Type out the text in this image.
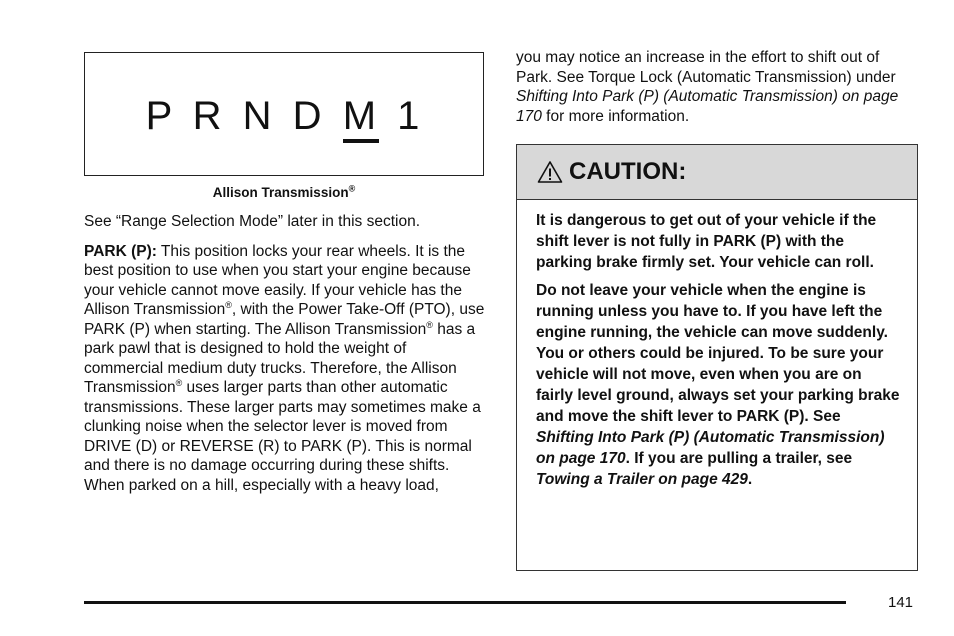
P R N D M 1
Allison Transmission®

See “Range Selection Mode” later in this section.

PARK (P): This position locks your rear wheels. It is the best position to use when you start your engine because your vehicle cannot move easily. If your vehicle has the Allison Transmission®, with the Power Take-Off (PTO), use PARK (P) when starting. The Allison Transmission® has a park pawl that is designed to hold the weight of commercial medium duty trucks. Therefore, the Allison Transmission® uses larger parts than other automatic transmissions. These larger parts may sometimes make a clunking noise when the selector lever is moved from DRIVE (D) or REVERSE (R) to PARK (P). This is normal and there is no damage occurring during these shifts. When parked on a hill, especially with a heavy load,

you may notice an increase in the effort to shift out of Park. See Torque Lock (Automatic Transmission) under Shifting Into Park (P) (Automatic Transmission) on page 170 for more information.

CAUTION:

It is dangerous to get out of your vehicle if the shift lever is not fully in PARK (P) with the parking brake firmly set. Your vehicle can roll.

Do not leave your vehicle when the engine is running unless you have to. If you have left the engine running, the vehicle can move suddenly. You or others could be injured. To be sure your vehicle will not move, even when you are on fairly level ground, always set your parking brake and move the shift lever to PARK (P). See Shifting Into Park (P) (Automatic Transmission) on page 170. If you are pulling a trailer, see Towing a Trailer on page 429.

141
